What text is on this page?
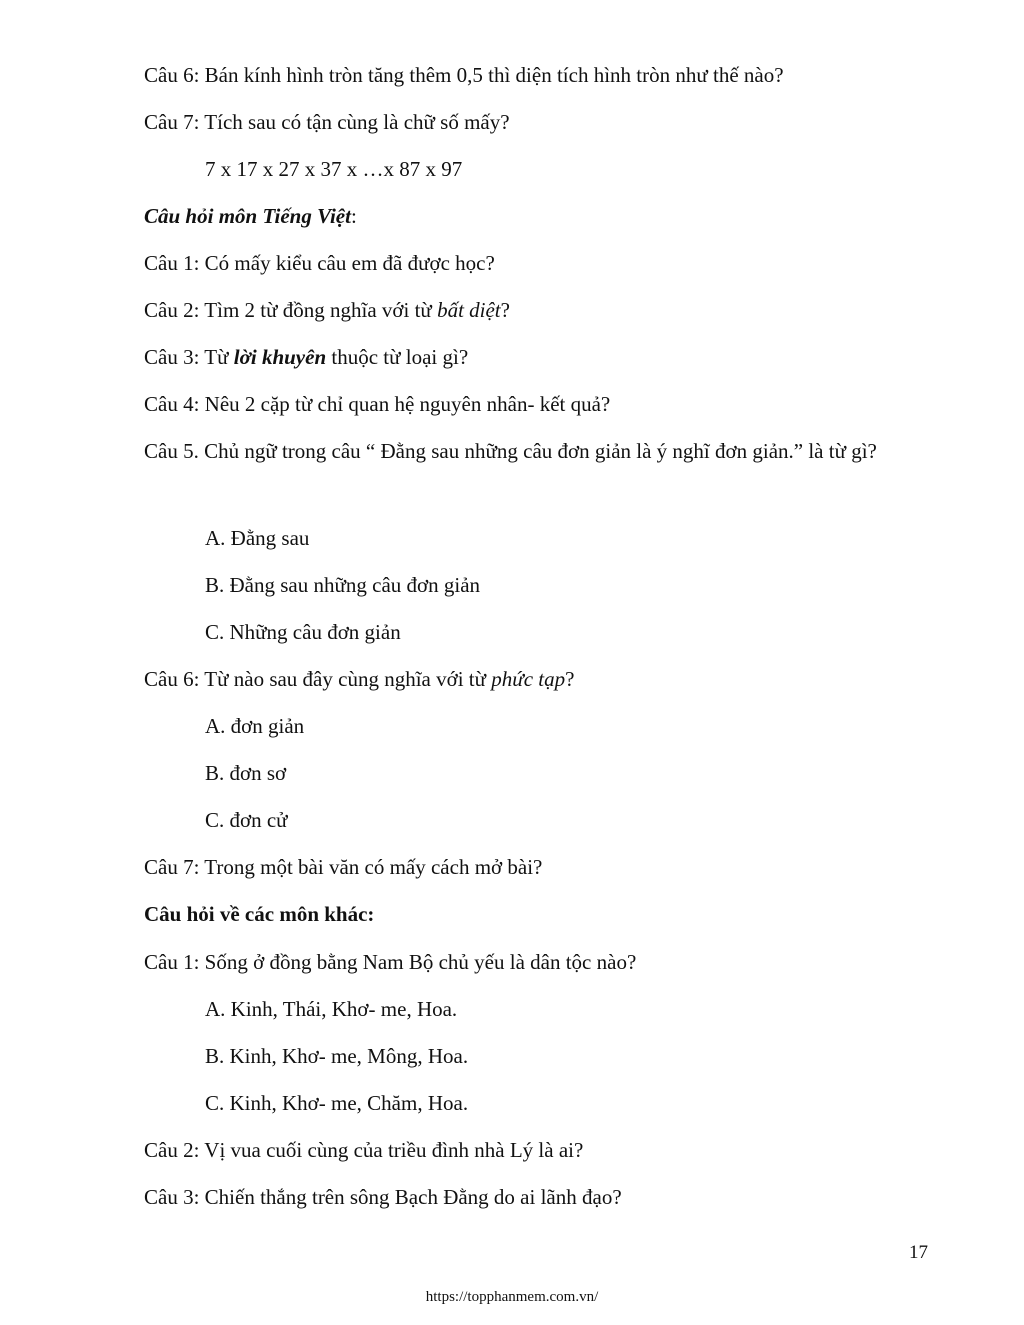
Câu 6: Bán kính hình tròn tăng thêm 0,5 thì diện tích hình tròn như thế nào?
Câu 7: Tích sau có tận cùng là chữ số mấy?
7 x 17 x 27 x 37 x …x 87 x 97
Câu hỏi môn Tiếng Việt:
Câu 1: Có mấy kiểu câu em đã được học?
Câu 2: Tìm 2 từ đồng nghĩa với từ bất diệt?
Câu 3: Từ lời khuyên thuộc từ loại gì?
Câu 4: Nêu 2 cặp từ chỉ quan hệ nguyên nhân- kết quả?
Câu 5. Chủ ngữ trong câu “ Đằng sau những câu đơn giản là ý nghĩ đơn giản.” là từ gì?
A. Đằng sau
B. Đằng sau những câu đơn giản
C. Những câu đơn giản
Câu 6: Từ nào sau đây cùng nghĩa với từ phức tạp?
A. đơn giản
B. đơn sơ
C. đơn cử
Câu 7: Trong một bài văn có mấy cách mở bài?
Câu hỏi về các môn khác:
Câu 1: Sống ở đồng bằng Nam Bộ chủ yếu là dân tộc nào?
A. Kinh, Thái, Khơ- me, Hoa.
B. Kinh, Khơ- me, Mông, Hoa.
C. Kinh, Khơ- me, Chăm, Hoa.
Câu 2: Vị vua cuối cùng của triều đình nhà Lý là ai?
Câu 3: Chiến thắng trên sông Bạch Đằng do ai lãnh đạo?
17
https://topphanmem.com.vn/
